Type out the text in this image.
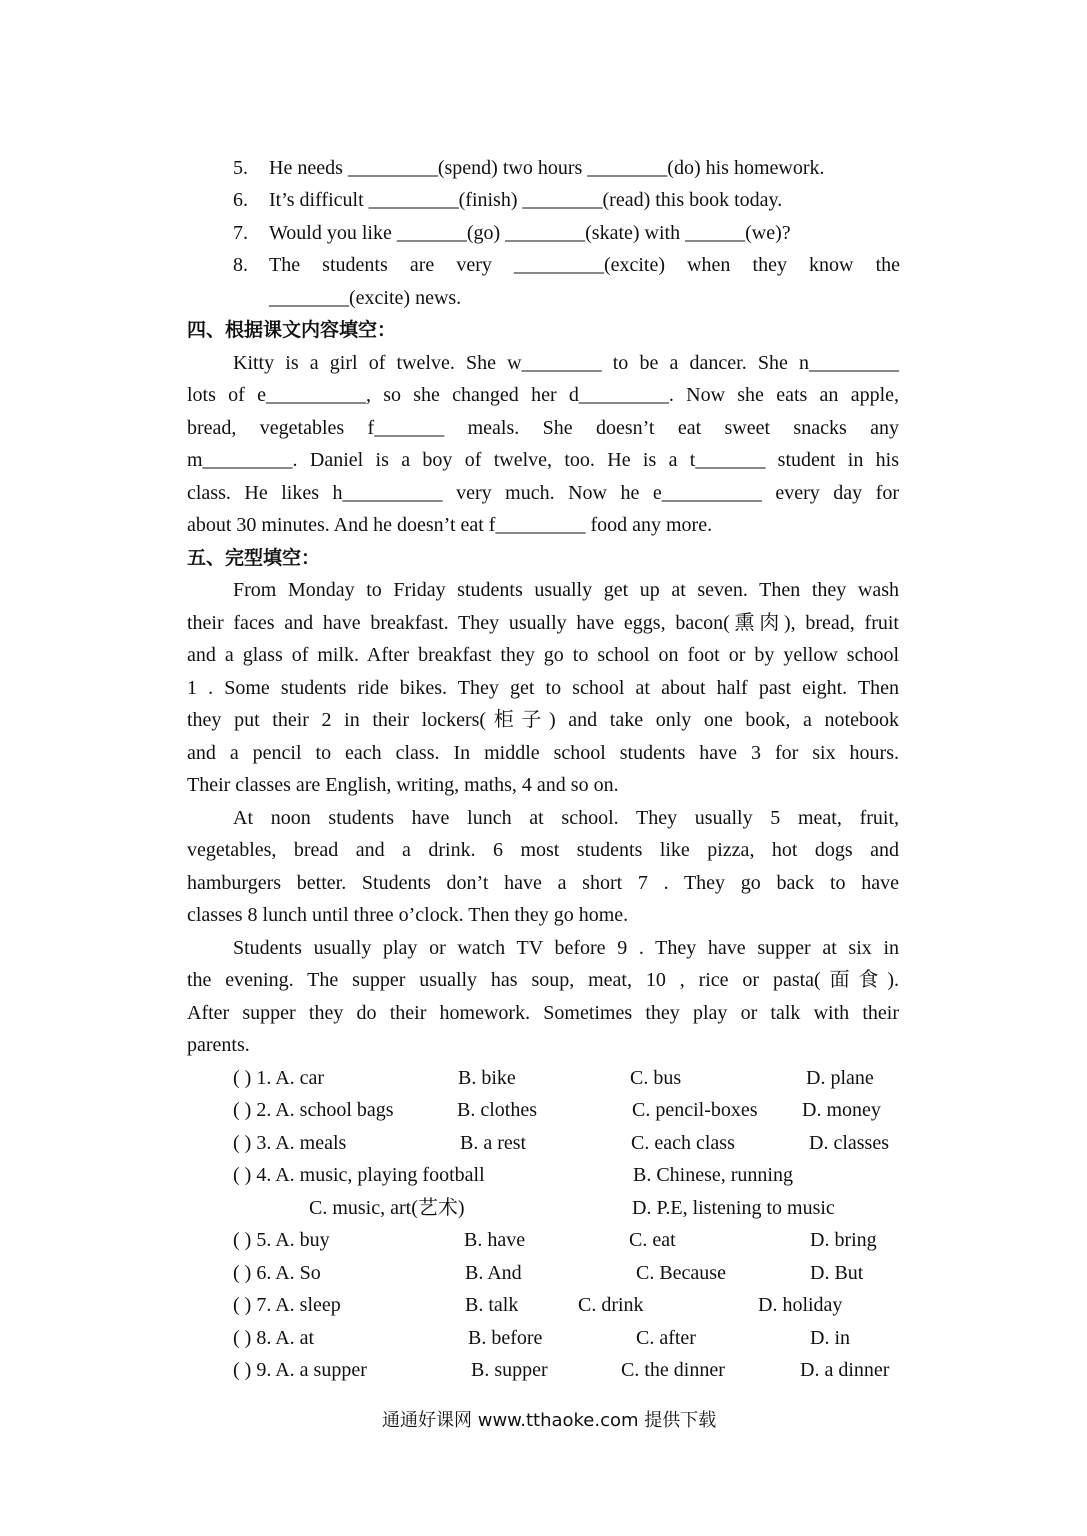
5. He needs _________(spend) two hours ________(do) his homework.
6. It’s difficult _________(finish) ________(read) this book today.
7. Would you like _______(go) ________(skate) with ______(we)?
8. The students are very _________(excite) when they know the
________(excite) news.
四、根据课文内容填空：
Kitty is a girl of twelve. She w________ to be a dancer. She n_________
lots of e__________, so she changed her d_________. Now she eats an apple,
bread, vegetables f_______ meals. She doesn’t eat sweet snacks any
m_________. Daniel is a boy of twelve, too. He is a t_______ student in his
class. He likes h__________ very much. Now he e__________ every day for
about 30 minutes. And he doesn’t eat f_________ food any more.
五、完型填空：
From Monday to Friday students usually get up at seven. Then they wash
their faces and have breakfast. They usually have eggs, bacon(熏肉), bread, fruit
and a glass of milk. After breakfast they go to school on foot or by yellow school
1 . Some students ride bikes. They get to school at about half past eight. Then
they put their 2 in their lockers(柜子) and take only one book, a notebook
and a pencil to each class. In middle school students have 3 for six hours.
Their classes are English, writing, maths, 4 and so on.
At noon students have lunch at school. They usually 5 meat, fruit,
vegetables, bread and a drink. 6 most students like pizza, hot dogs and
hamburgers better. Students don’t have a short 7 . They go back to have
classes 8 lunch until three o’clock. Then they go home.
Students usually play or watch TV before 9 . They have supper at six in
the evening. The supper usually has soup, meat, 10 , rice or pasta(面食).
After supper they do their homework. Sometimes they play or talk with their
parents.
( ) 1. A. car	B. bike	C. bus	D. plane
( ) 2. A. school bags	B. clothes	C. pencil-boxes D. money
( ) 3. A. meals	B. a rest	C. each class	D. classes
( ) 4. A. music, playing football	B. Chinese, running
C. music, art(艺术)	D. P.E, listening to music
( ) 5. A. buy	B. have	C. eat	D. bring
( ) 6. A. So	B. And	C. Because	D. But
( ) 7. A. sleep	B. talk	C. drink	D. holiday
( ) 8. A. at	B. before	C. after	D. in
( ) 9. A. a supper	B. supper	C. the dinner	D. a dinner
通通好课网 www.tthaoke.com 提供下载
